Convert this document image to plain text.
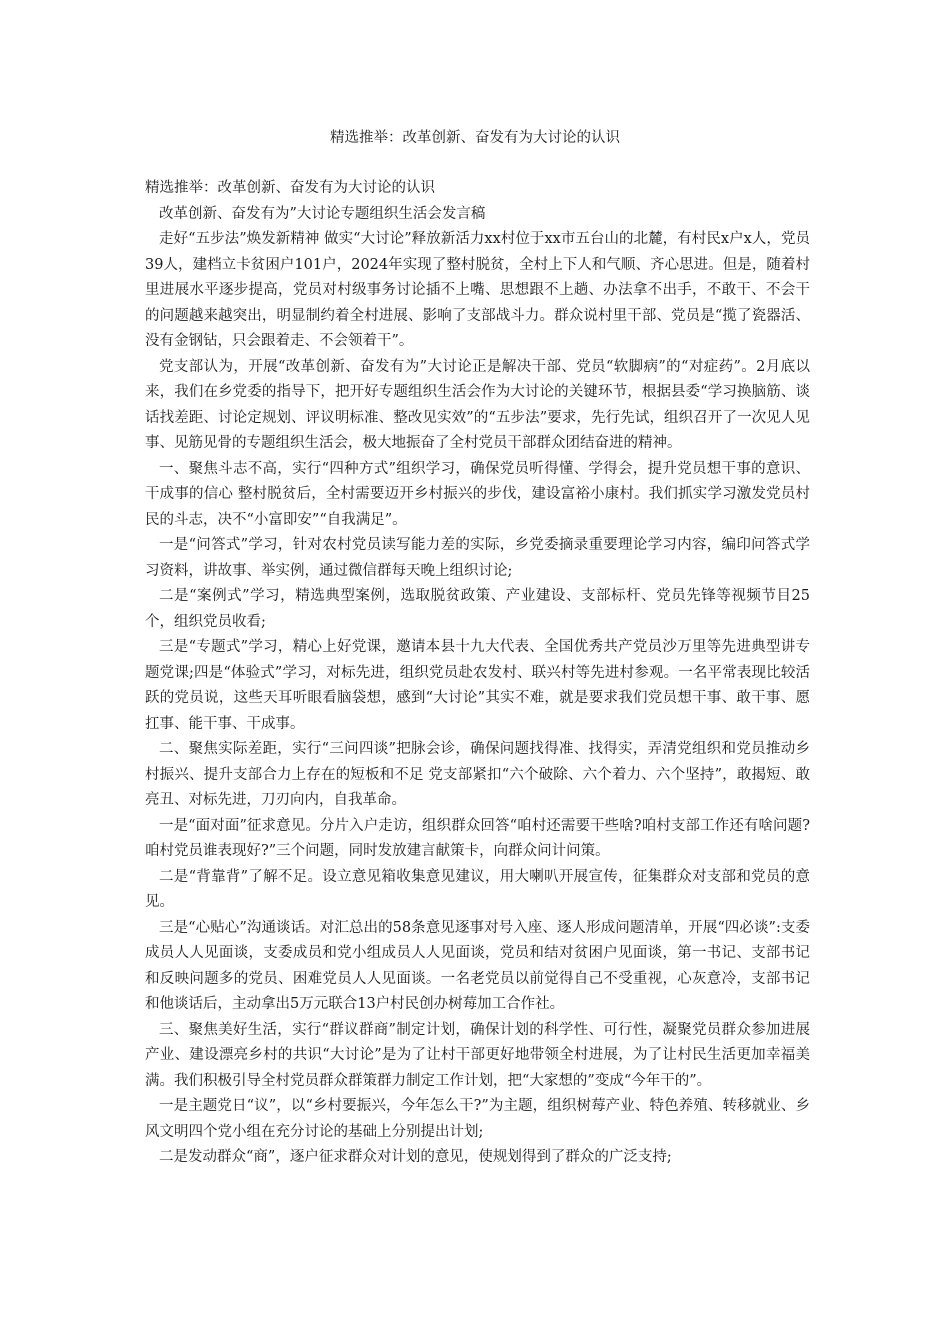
精选推举：改革创新、奋发有为大讨论的认识

精选推举：改革创新、奋发有为大讨论的认识

改革创新、奋发有为”大讨论专题组织生活会发言稿

走好“五步法”焕发新精神 做实“大讨论”释放新活力xx村位于xx市五台山的北麓，有村民x户x人，党员39人，建档立卡贫困户101户，2024年实现了整村脱贫，全村上下人和气顺、齐心思进。但是，随着村里进展水平逐步提高，党员对村级事务讨论插不上嘴、思想跟不上趟、办法拿不出手，不敢干、不会干的问题越来越突出，明显制约着全村进展、影响了支部战斗力。群众说村里干部、党员是“揽了瓷器活、没有金钢钻，只会跟着走、不会领着干”。

党支部认为，开展“改革创新、奋发有为”大讨论正是解决干部、党员“软脚病”的“对症药”。2月底以来，我们在乡党委的指导下，把开好专题组织生活会作为大讨论的关键环节，根据县委“学习换脑筋、谈话找差距、讨论定规划、评议明标准、整改见实效”的“五步法”要求，先行先试，组织召开了一次见人见事、见筋见骨的专题组织生活会，极大地振奋了全村党员干部群众团结奋进的精神。

一、聚焦斗志不高，实行“四种方式”组织学习，确保党员听得懂、学得会，提升党员想干事的意识、干成事的信心 整村脱贫后，全村需要迈开乡村振兴的步伐，建设富裕小康村。我们抓实学习激发党员村民的斗志，决不“小富即安”“自我满足”。

一是“问答式”学习，针对农村党员读写能力差的实际，乡党委摘录重要理论学习内容，编印问答式学习资料，讲故事、举实例，通过微信群每天晚上组织讨论;

二是“案例式”学习，精选典型案例，选取脱贫政策、产业建设、支部标杆、党员先锋等视频节目25个，组织党员收看;

三是“专题式”学习，精心上好党课，邀请本县十九大代表、全国优秀共产党员沙万里等先进典型讲专题党课;四是“体验式”学习，对标先进，组织党员赴农发村、联兴村等先进村参观。一名平常表现比较活跃的党员说，这些天耳听眼看脑袋想，感到“大讨论”其实不难，就是要求我们党员想干事、敢干事、愿扛事、能干事、干成事。

二、聚焦实际差距，实行“三问四谈”把脉会诊，确保问题找得准、找得实，弄清党组织和党员推动乡村振兴、提升支部合力上存在的短板和不足 党支部紧扣“六个破除、六个着力、六个坚持”，敢揭短、敢亮丑、对标先进，刀刃向内，自我革命。

一是“面对面”征求意见。分片入户走访，组织群众回答“咱村还需要干些啥?咱村支部工作还有啥问题?咱村党员谁表现好?”三个问题，同时发放建言献策卡，向群众问计问策。

二是“背靠背”了解不足。设立意见箱收集意见建议，用大喇叭开展宣传，征集群众对支部和党员的意见。

三是“心贴心”沟通谈话。对汇总出的58条意见逐事对号入座、逐人形成问题清单，开展“四必谈”:支委成员人人见面谈，支委成员和党小组成员人人见面谈，党员和结对贫困户见面谈，第一书记、支部书记和反映问题多的党员、困难党员人人见面谈。一名老党员以前觉得自己不受重视，心灰意冷，支部书记和他谈话后，主动拿出5万元联合13户村民创办树莓加工合作社。

三、聚焦美好生活，实行“群议群商”制定计划，确保计划的科学性、可行性，凝聚党员群众参加进展产业、建设漂亮乡村的共识“大讨论”是为了让村干部更好地带领全村进展，为了让村民生活更加幸福美满。我们积极引导全村党员群众群策群力制定工作计划，把“大家想的”变成“今年干的”。

一是主题党日“议”，以“乡村要振兴，今年怎么干?”为主题，组织树莓产业、特色养殖、转移就业、乡风文明四个党小组在充分讨论的基础上分别提出计划;

二是发动群众“商”，逐户征求群众对计划的意见，使规划得到了群众的广泛支持;
